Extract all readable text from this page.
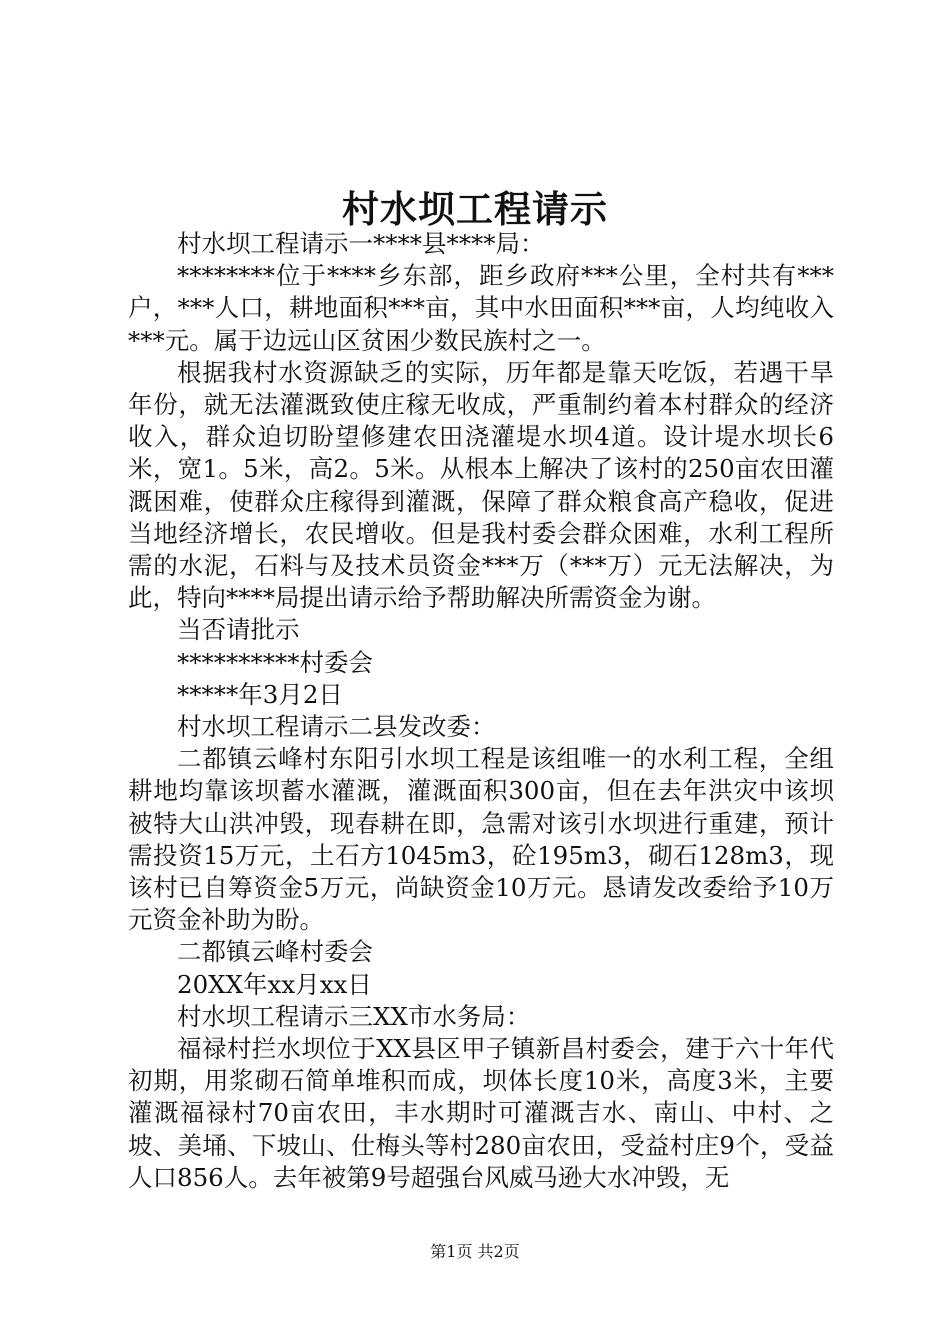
村水坝工程请示

村水坝工程请示一****县****局：

********位于****乡东部，距乡政府***公里，全村共有***户，***人口，耕地面积***亩，其中水田面积***亩，人均纯收入***元。属于边远山区贫困少数民族村之一。

根据我村水资源缺乏的实际，历年都是靠天吃饭，若遇干旱年份，就无法灌溉致使庄稼无收成，严重制约着本村群众的经济收入，群众迫切盼望修建农田浇灌堤水坝4道。设计堤水坝长6米，宽1。5米，高2。5米。从根本上解决了该村的250亩农田灌溉困难，使群众庄稼得到灌溉，保障了群众粮食高产稳收，促进当地经济增长，农民增收。但是我村委会群众困难，水利工程所需的水泥，石料与及技术员资金***万（***万）元无法解决，为此，特向****局提出请示给予帮助解决所需资金为谢。

当否请批示

**********村委会

*****年3月2日

村水坝工程请示二县发改委：

二都镇云峰村东阳引水坝工程是该组唯一的水利工程，全组耕地均靠该坝蓄水灌溉，灌溉面积300亩，但在去年洪灾中该坝被特大山洪冲毁，现春耕在即，急需对该引水坝进行重建，预计需投资15万元，土石方1045m3，砼195m3，砌石128m3，现该村已自筹资金5万元，尚缺资金10万元。恳请发改委给予10万元资金补助为盼。

二都镇云峰村委会

20XX年xx月xx日

村水坝工程请示三XX市水务局：

福禄村拦水坝位于XX县区甲子镇新昌村委会，建于六十年代初期，用浆砌石简单堆积而成，坝体长度10米，高度3米，主要灌溉福禄村70亩农田，丰水期时可灌溉吉水、南山、中村、之坡、美埇、下坡山、仕梅头等村280亩农田，受益村庄9个，受益人口856人。去年被第9号超强台风威马逊大水冲毁，无

第1页 共2页
